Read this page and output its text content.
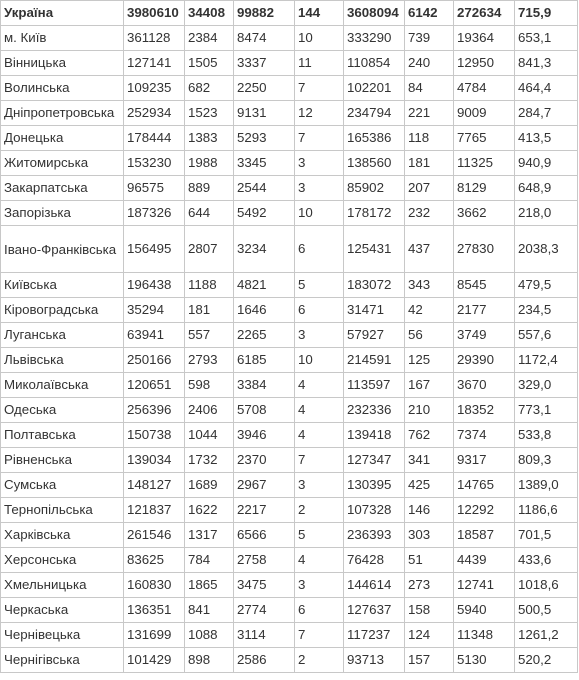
Україна	3980610	34408	99882	144	3608094	6142	272634	715,9
м. Київ	361128	2384	8474	10	333290	739	19364	653,1
Вінницька	127141	1505	3337	11	110854	240	12950	841,3
Волинська	109235	682	2250	7	102201	84	4784	464,4
Дніпропетровська	252934	1523	9131	12	234794	221	9009	284,7
Донецька	178444	1383	5293	7	165386	118	7765	413,5
Житомирська	153230	1988	3345	3	138560	181	11325	940,9
Закарпатська	96575	889	2544	3	85902	207	8129	648,9
Запорізька	187326	644	5492	10	178172	232	3662	218,0
Івано-Франківська	156495	2807	3234	6	125431	437	27830	2038,3
Київська	196438	1188	4821	5	183072	343	8545	479,5
Кіровоградська	35294	181	1646	6	31471	42	2177	234,5
Луганська	63941	557	2265	3	57927	56	3749	557,6
Львівська	250166	2793	6185	10	214591	125	29390	1172,4
Миколаївська	120651	598	3384	4	113597	167	3670	329,0
Одеська	256396	2406	5708	4	232336	210	18352	773,1
Полтавська	150738	1044	3946	4	139418	762	7374	533,8
Рівненська	139034	1732	2370	7	127347	341	9317	809,3
Сумська	148127	1689	2967	3	130395	425	14765	1389,0
Тернопільська	121837	1622	2217	2	107328	146	12292	1186,6
Харківська	261546	1317	6566	5	236393	303	18587	701,5
Херсонська	83625	784	2758	4	76428	51	4439	433,6
Хмельницька	160830	1865	3475	3	144614	273	12741	1018,6
Черкаська	136351	841	2774	6	127637	158	5940	500,5
Чернівецька	131699	1088	3114	7	117237	124	11348	1261,2
Чернігівська	101429	898	2586	2	93713	157	5130	520,2
